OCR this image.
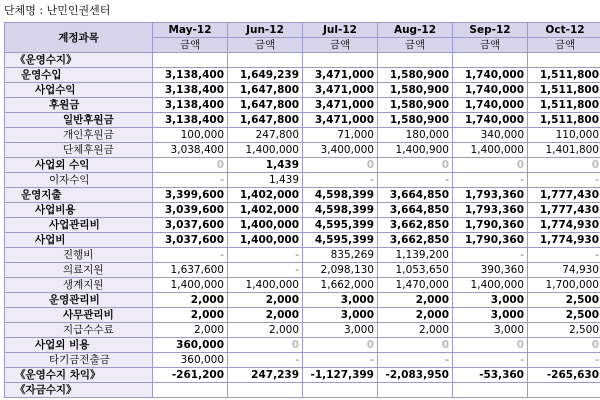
단체명 : 난민인권센터
계정과목	May-12	Jun-12	Jul-12	Aug-12	Sep-12	Oct-12
	금액	금액	금액	금액	금액	금액
《운영수지》						
운영수입	3,138,400	1,649,239	3,471,000	1,580,900	1,740,000	1,511,800
사업수익	3,138,400	1,647,800	3,471,000	1,580,900	1,740,000	1,511,800
후원금	3,138,400	1,647,800	3,471,000	1,580,900	1,740,000	1,511,800
일반후원금	3,138,400	1,647,800	3,471,000	1,580,900	1,740,000	1,511,800
개인후원금	100,000	247,800	71,000	180,000	340,000	110,000
단체후원금	3,038,400	1,400,000	3,400,000	1,400,900	1,400,000	1,401,800
사업외 수익	0	1,439	0	0	0	0
이자수익	-	1,439	-	-	-	-
운영지출	3,399,600	1,402,000	4,598,399	3,664,850	1,793,360	1,777,430
사업비용	3,039,600	1,402,000	4,598,399	3,664,850	1,793,360	1,777,430
사업관리비	3,037,600	1,400,000	4,595,399	3,662,850	1,790,360	1,774,930
사업비	3,037,600	1,400,000	4,595,399	3,662,850	1,790,360	1,774,930
진행비	-	-	835,269	1,139,200	-	-
의료지원	1,637,600	-	2,098,130	1,053,650	390,360	74,930
생계지원	1,400,000	1,400,000	1,662,000	1,470,000	1,400,000	1,700,000
운영관리비	2,000	2,000	3,000	2,000	3,000	2,500
사무관리비	2,000	2,000	3,000	2,000	3,000	2,500
지급수수료	2,000	2,000	3,000	2,000	3,000	2,500
사업외 비용	360,000	0	0	0	0	0
타기금전출금	360,000	-	-	-	-	-
《운영수지 차익》	-261,200	247,239	-1,127,399	-2,083,950	-53,360	-265,630
《자금수지》						
